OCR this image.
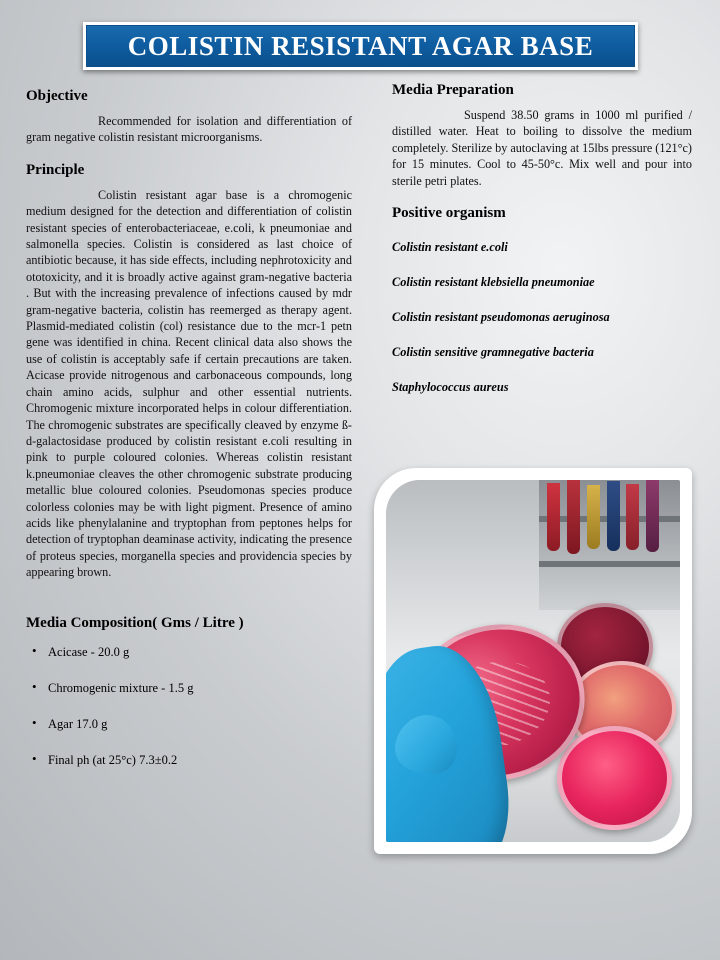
COLISTIN RESISTANT AGAR BASE
Objective

Recommended for isolation and differentiation of gram negative colistin resistant microorganisms.

Principle

Colistin resistant agar base is a chromogenic medium designed for the detection and differentiation of colistin resistant species of enterobacteriaceae, e.coli, k pneumoniae and salmonella species. Colistin is considered as last choice of antibiotic because, it has side effects, including nephrotoxicity and ototoxicity, and it is broadly active against gram-negative bacteria . But with the increasing prevalence of infections caused by mdr gram-negative bacteria, colistin has reemerged as therapy agent. Plasmid-mediated colistin (col) resistance due to the mcr-1 petn gene was identified in china. Recent clinical data also shows the use of colistin is acceptably safe if certain precautions are taken. Acicase provide nitrogenous and carbonaceous compounds, long chain amino acids, sulphur and other essential nutrients. Chromogenic mixture incorporated helps in colour differentiation. The chromogenic substrates are specifically cleaved by enzyme ß-d-galactosidase produced by colistin resistant e.coli resulting in pink to purple coloured colonies. Whereas colistin resistant k.pneumoniae cleaves the other chromogenic substrate producing metallic blue coloured colonies. Pseudomonas species produce colorless colonies may be with light pigment. Presence of amino acids like phenylalanine and tryptophan from peptones helps for detection of tryptophan deaminase activity, indicating the presence of proteus species, morganella species and providencia species by appearing brown.

Media Composition( Gms / Litre )
• Acicase - 20.0 g
• Chromogenic mixture - 1.5 g
• Agar 17.0 g
• Final ph (at 25°c) 7.3±0.2
Media Preparation

Suspend 38.50 grams in 1000 ml purified / distilled water. Heat to boiling to dissolve the medium completely. Sterilize by autoclaving at 15lbs pressure (121°c) for 15 minutes. Cool to 45-50°c. Mix well and pour into sterile petri plates.

Positive organism

Colistin resistant e.coli

Colistin resistant klebsiella pneumoniae

Colistin resistant pseudomonas aeruginosa

Colistin sensitive gramnegative bacteria

Staphylococcus aureus
